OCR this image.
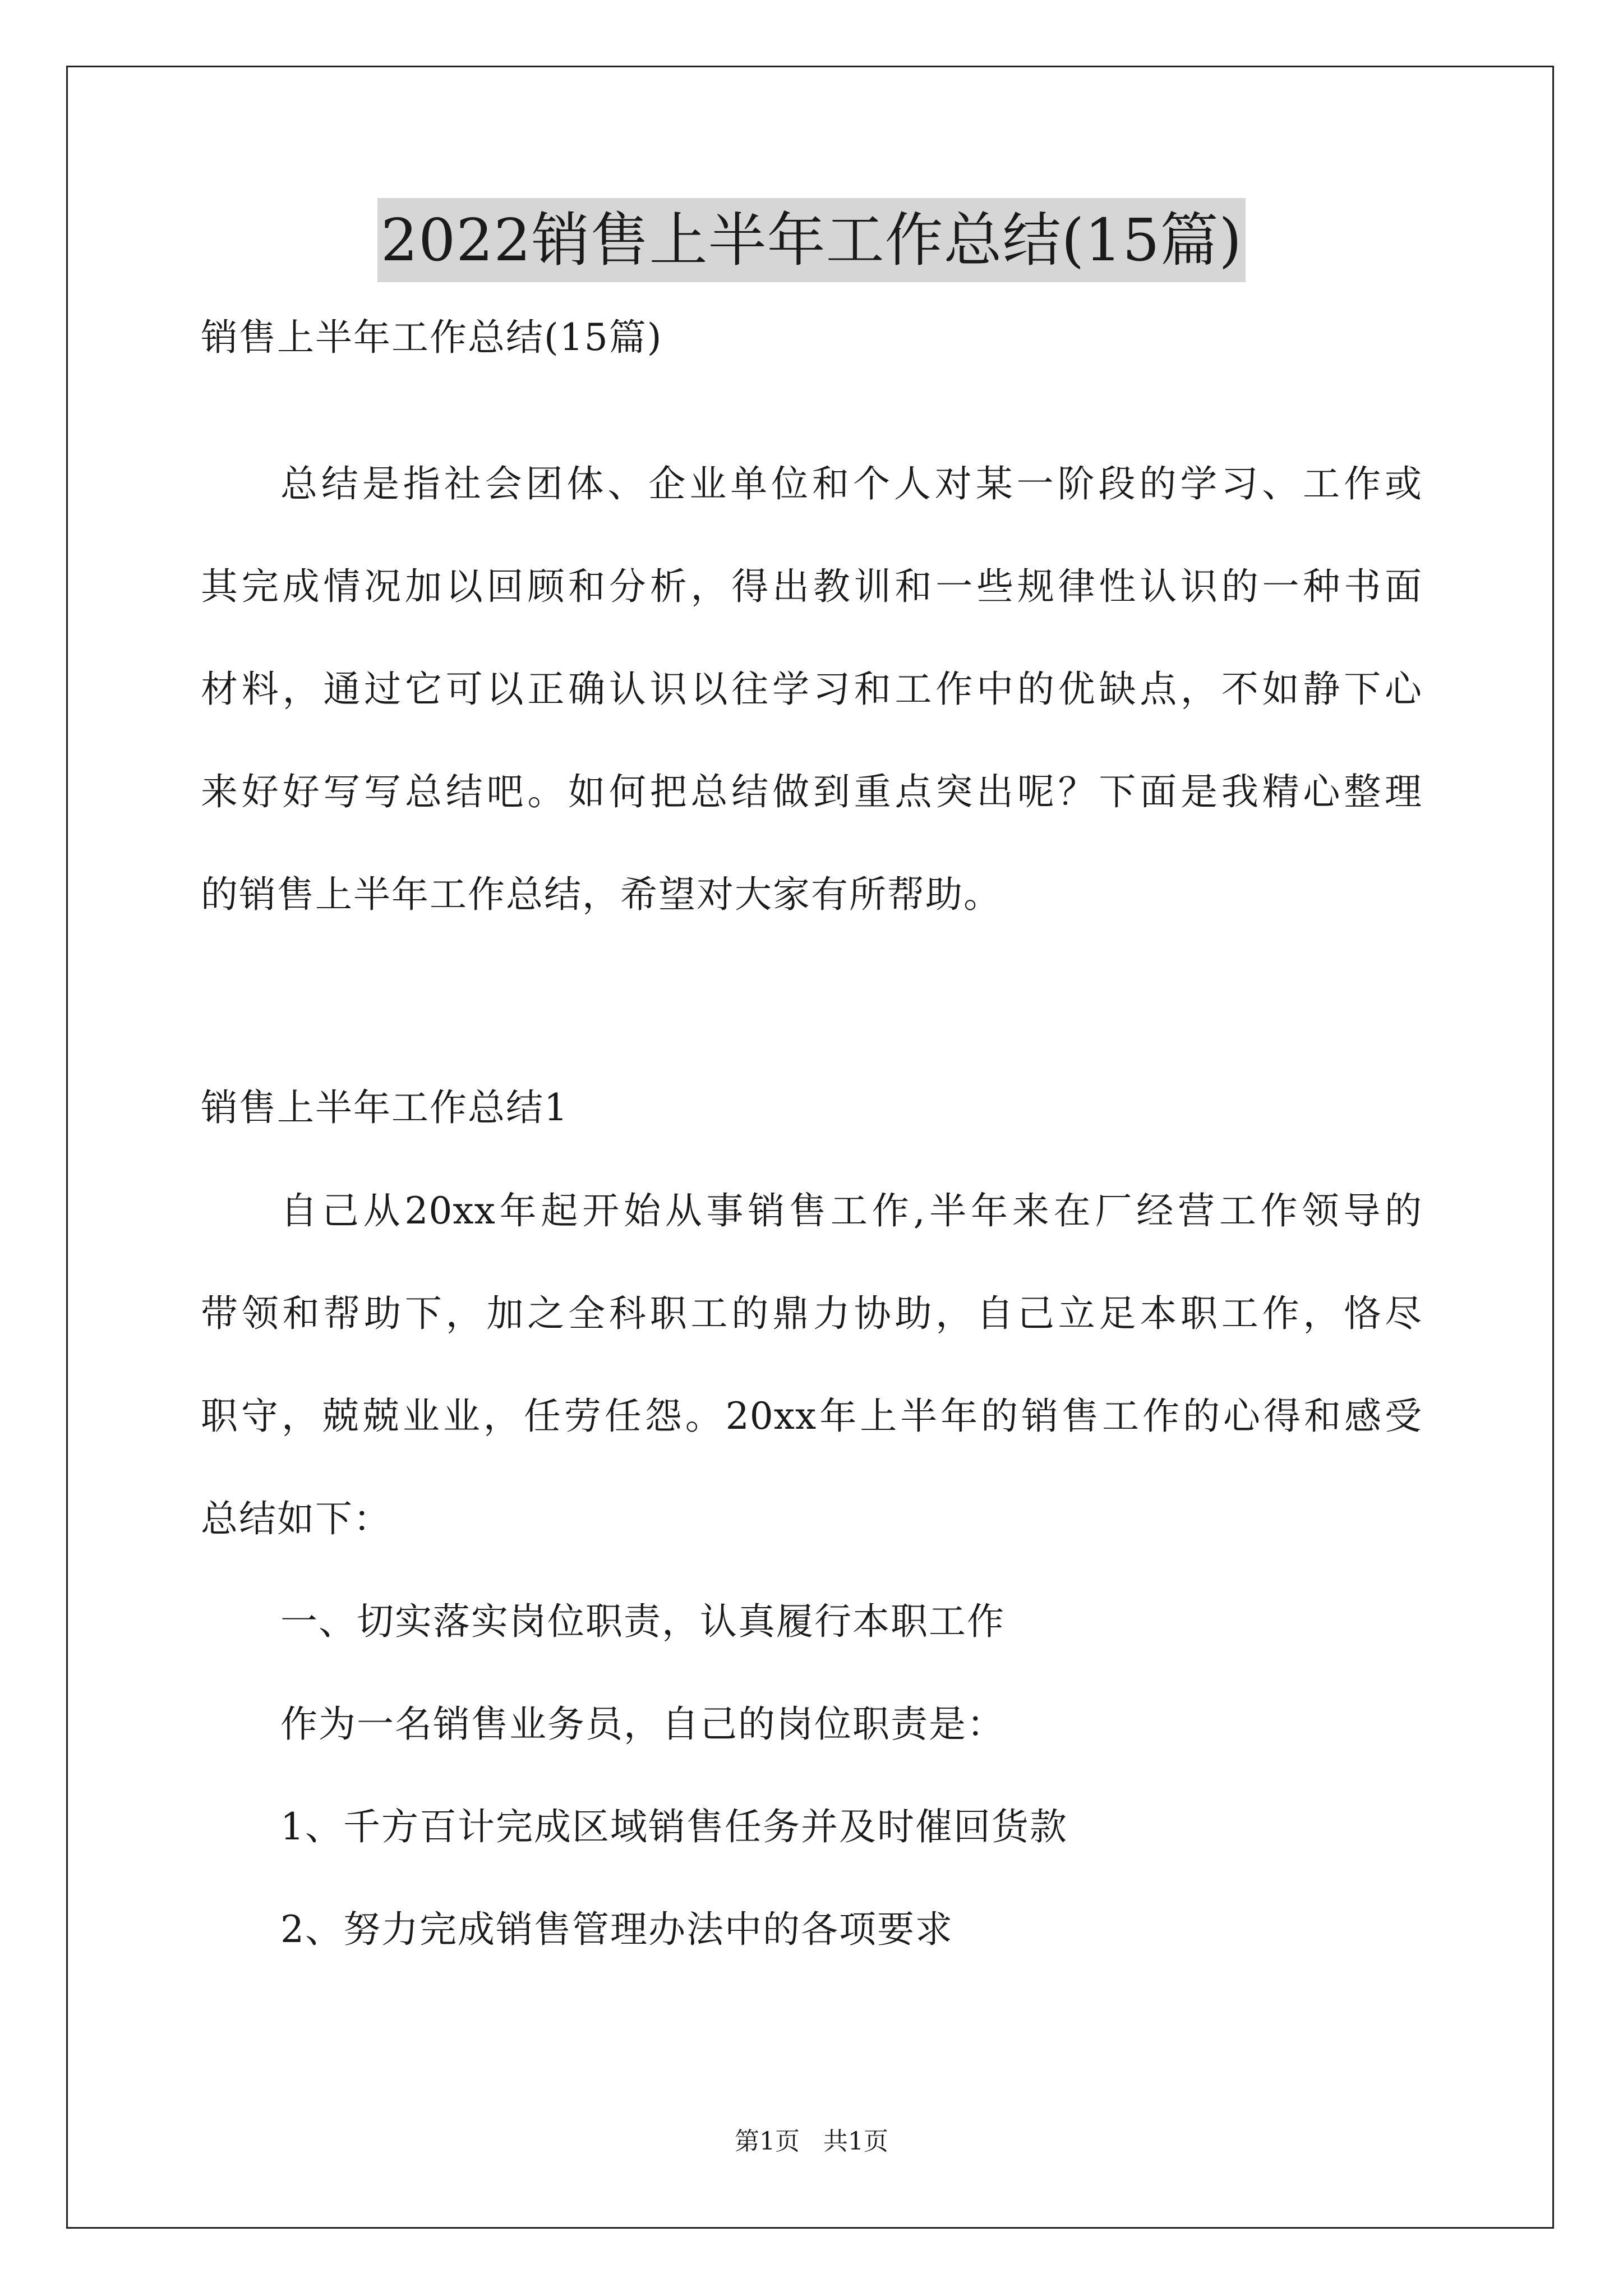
2022销售上半年工作总结(15篇)
销售上半年工作总结(15篇)
总结是指社会团体、企业单位和个人对某一阶段的学习、工作或
其完成情况加以回顾和分析，得出教训和一些规律性认识的一种书面
材料，通过它可以正确认识以往学习和工作中的优缺点，不如静下心
来好好写写总结吧。如何把总结做到重点突出呢？下面是我精心整理
的销售上半年工作总结，希望对大家有所帮助。
销售上半年工作总结1
自己从20xx年起开始从事销售工作,半年来在厂经营工作领导的
带领和帮助下，加之全科职工的鼎力协助，自己立足本职工作，恪尽
职守，兢兢业业，任劳任怨。20xx年上半年的销售工作的心得和感受
总结如下：
一、切实落实岗位职责，认真履行本职工作
作为一名销售业务员，自己的岗位职责是：
1、千方百计完成区域销售任务并及时催回货款
2、努力完成销售管理办法中的各项要求
第1页   共1页
